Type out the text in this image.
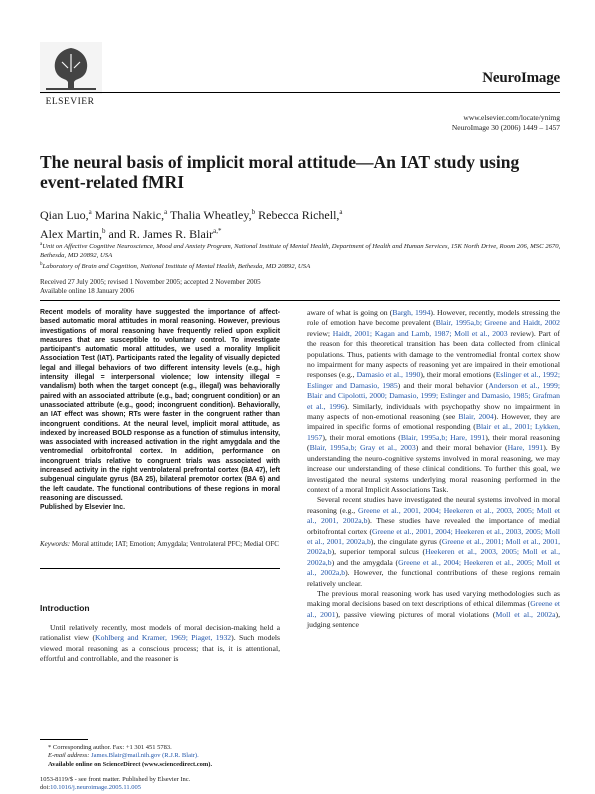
ELSEVIER
NeuroImage
www.elsevier.com/locate/ynimg
NeuroImage 30 (2006) 1449 – 1457
The neural basis of implicit moral attitude—An IAT study using event-related fMRI
Qian Luo,$^a$ Marina Nakic,$^a$ Thalia Wheatley,$^b$ Rebecca Richell,$^a$
Alex Martin,$^b$ and R. James R. Blair$^{a,*}$
$^a$Unit on Affective Cognitive Neuroscience, Mood and Anxiety Program, National Institute of Mental Health, Department of Health and Human Services, 15K North Drive, Room 206, MSC 2670, Bethesda, MD 20892, USA
$^b$Laboratory of Brain and Cognition, National Institute of Mental Health, Bethesda, MD 20892, USA
Received 27 July 2005; revised 1 November 2005; accepted 2 November 2005
Available online 18 January 2006
Recent models of morality have suggested the importance of affect-based automatic moral attitudes in moral reasoning. However, previous investigations of moral reasoning have frequently relied upon explicit measures that are susceptible to voluntary control. To investigate participant's automatic moral attitudes, we used a morality Implicit Association Test (IAT). Participants rated the legality of visually depicted legal and illegal behaviors of two different intensity levels (e.g., high intensity illegal = interpersonal violence; low intensity illegal = vandalism) both when the target concept (e.g., illegal) was behaviorally paired with an associated attribute (e.g., bad; congruent condition) or an unassociated attribute (e.g., good; incongruent condition). Behaviorally, an IAT effect was shown; RTs were faster in the congruent rather than incongruent conditions. At the neural level, implicit moral attitude, as indexed by increased BOLD response as a function of stimulus intensity, was associated with increased activation in the right amygdala and the ventromedial orbitofrontal cortex. In addition, performance on incongruent trials relative to congruent trials was associated with increased activity in the right ventrolateral prefrontal cortex (BA 47), left subgenual cingulate gyrus (BA 25), bilateral premotor cortex (BA 6) and the left caudate. The functional contributions of these regions in moral reasoning are discussed.
Published by Elsevier Inc.
Keywords: Moral attitude; IAT; Emotion; Amygdala; Ventrolateral PFC; Medial OFC
Introduction

Until relatively recently, most models of moral decision-making held a rationalist view (Kohlberg and Kramer, 1969; Piaget, 1932). Such models viewed moral reasoning as a conscious process; that is, it is attentional, effortful and controllable, and the reasoner is

* Corresponding author. Fax: +1 301 451 5783.
E-mail address: James.Blair@mail.nih.gov (R.J.R. Blair).
Available online on ScienceDirect (www.sciencedirect.com).
1053-8119/$ - see front matter. Published by Elsevier Inc.
doi:10.1016/j.neuroimage.2005.11.005

aware of what is going on (Bargh, 1994). However, recently, models stressing the role of emotion have become prevalent (Blair, 1995a,b; Greene and Haidt, 2002 review; Haidt, 2001; Kagan and Lamb, 1987; Moll et al., 2003 review). Part of the reason for this theoretical transition has been data collected from clinical populations. Thus, patients with damage to the ventromedial frontal cortex show no impairment for many aspects of reasoning yet are impaired in their emotional responses (e.g., Damasio et al., 1990), their moral emotions (Eslinger et al., 1992; Eslinger and Damasio, 1985) and their moral behavior (Anderson et al., 1999; Blair and Cipolotti, 2000; Damasio, 1999; Eslinger and Damasio, 1985; Grafman et al., 1996). Similarly, individuals with psychopathy show no impairment in many aspects of non-emotional reasoning (see Blair, 2004). However, they are impaired in specific forms of emotional responding (Blair et al., 2001; Lykken, 1957), their moral emotions (Blair, 1995a,b; Hare, 1991), their moral reasoning (Blair, 1995a,b; Gray et al., 2003) and their moral behavior (Hare, 1991). By understanding the neuro-cognitive systems involved in moral reasoning, we may increase our understanding of these clinical conditions. To further this goal, we investigated the neural systems underlying moral reasoning performed in the context of a moral Implicit Associations Task.

Several recent studies have investigated the neural systems involved in moral reasoning (e.g., Greene et al., 2001, 2004; Heekeren et al., 2003, 2005; Moll et al., 2001, 2002a,b). These studies have revealed the importance of medial orbitofrontal cortex (Greene et al., 2001, 2004; Heekeren et al., 2003, 2005; Moll et al., 2001, 2002a,b), the cingulate gyrus (Greene et al., 2001; Moll et al., 2001, 2002a,b), superior temporal sulcus (Heekeren et al., 2003, 2005; Moll et al., 2002a,b) and the amygdala (Greene et al., 2004; Heekeren et al., 2005; Moll et al., 2002a,b). However, the functional contributions of these regions remain relatively unclear.

The previous moral reasoning work has used varying methodologies such as making moral decisions based on text descriptions of ethical dilemmas (Greene et al., 2001), passive viewing pictures of moral violations (Moll et al., 2002a), judging sentence
